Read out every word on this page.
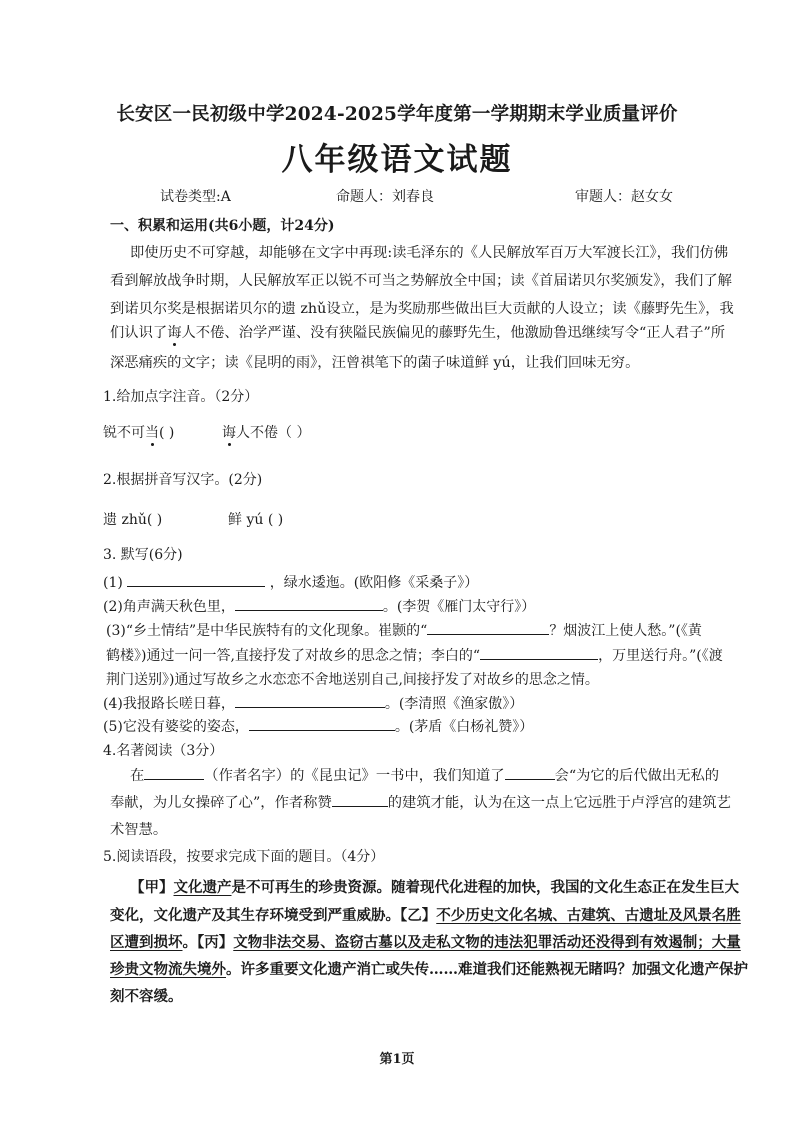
长安区一民初级中学2024-2025学年度第一学期期末学业质量评价
八年级语文试题
试卷类型:A	命题人：刘春良	审题人：赵女女
一、积累和运用(共6小题，计24分)
即使历史不可穿越，却能够在文字中再现:读毛泽东的《人民解放军百万大军渡长江》，我们仿佛
看到解放战争时期，人民解放军正以锐不可当之势解放全中国；读《首届诺贝尔奖颁发》，我们了解
到诺贝尔奖是根据诺贝尔的遗 zhǔ设立，是为奖励那些做出巨大贡献的人设立；读《藤野先生》，我
们认识了诲人不倦、治学严谨、没有狭隘民族偏见的藤野先生，他激励鲁迅继续写令“正人君子”所
深恶痛疾的文字；读《昆明的雨》，汪曾祺笔下的菌子味道鲜 yú，让我们回味无穷。
1.给加点字注音。（2分）
锐不可当( )	诲人不倦（ ）
2.根据拼音写汉字。(2分)
遗 zhǔ( )	鲜 yú ( )
3. 默写(6分)
(1)	，绿水逶迤。(欧阳修《采桑子》）
(2)角声满天秋色里，	。(李贺《雁门太守行》）
(3)“乡土情结”是中华民族特有的文化现象。崔颢的“	？烟波江上使人愁。”(《黄
鹤楼》)通过一问一答,直接抒发了对故乡的思念之情；李白的“	，万里送行舟。”(《渡
荆门送别》)通过写故乡之水恋恋不舍地送别自己,间接抒发了对故乡的思念之情。
(4)我报路长嗟日暮，	。(李清照《渔家傲》）
(5)它没有婆娑的姿态，	。(茅盾《白杨礼赞》）
4.名著阅读（3分）
在	（作者名字）的《昆虫记》一书中，我们知道了	会“为它的后代做出无私的
奉献，为儿女操碎了心”，作者称赞	的建筑才能，认为在这一点上它远胜于卢浮宫的建筑艺
术智慧。
5.阅读语段，按要求完成下面的题目。（4分）
【甲】文化遗产是不可再生的珍贵资源。随着现代化进程的加快，我国的文化生态正在发生巨大
变化，文化遗产及其生存环境受到严重威胁。【乙】不少历史文化名城、古建筑、古遗址及风景名胜
区遭到损坏。【丙】文物非法交易、盗窃古墓以及走私文物的违法犯罪活动还没得到有效遏制；大量
珍贵文物流失境外。许多重要文化遗产消亡或失传……难道我们还能熟视无睹吗？加强文化遗产保护
刻不容缓。
第1页
